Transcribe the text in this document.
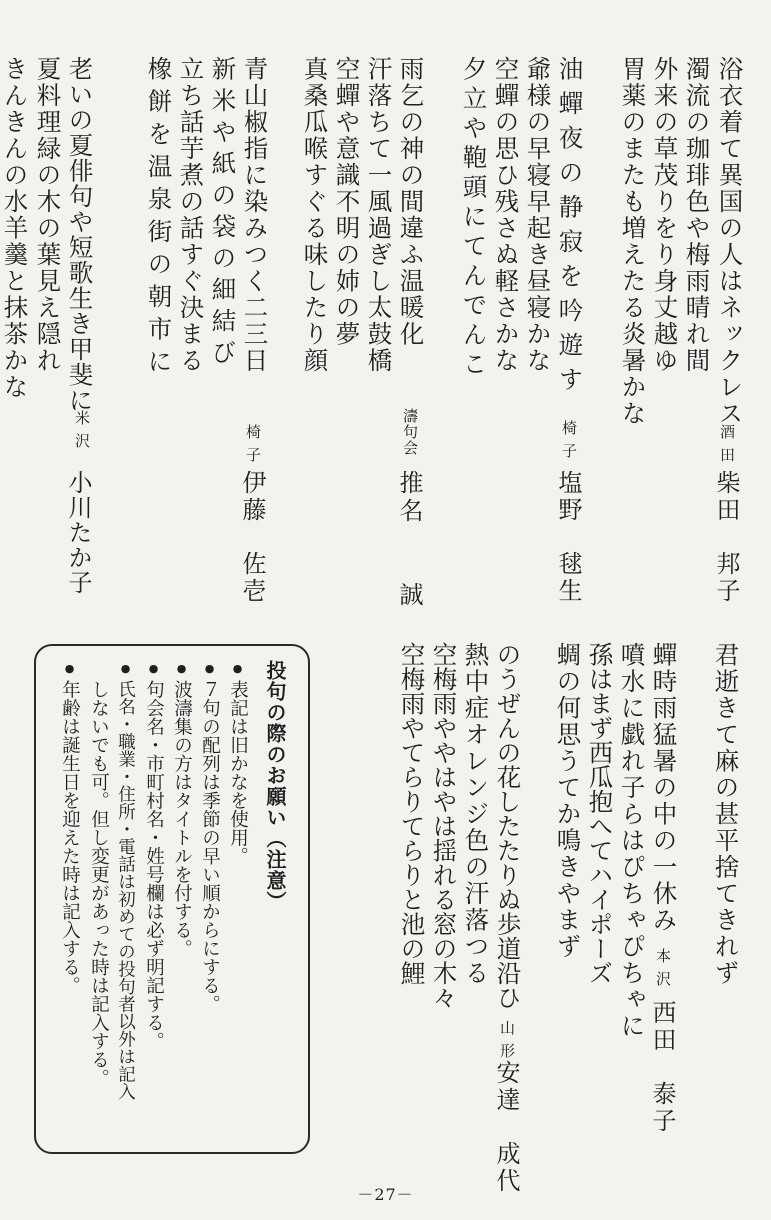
浴衣着て異国の人はネックレス
濁流の珈琲色や梅雨晴れ間
外来の草茂りをり身丈越ゆ
胃薬のまたも増えたる炎暑かな
酒田
柴田　邦子
油蟬夜の静寂を吟遊す
爺様の早寝早起き昼寝かな
空蟬の思ひ残さぬ軽さかな
夕立や鞄頭にてんでんこ
椅子
塩野　毬生
雨乞の神の間違ふ温暖化
汗落ちて一風過ぎし太鼓橋
空蟬や意識不明の姉の夢
真桑瓜喉すぐる味したり顔
濤句会
推名　　誠
青山椒指に染みつく二三日
新米や紙の袋の細結び
立ち話芋煮の話すぐ決まる
橡餅を温泉街の朝市に
椅子
伊藤　佐壱
老いの夏俳句や短歌生き甲斐に
夏料理緑の木の葉見え隠れ
きんきんの水羊羹と抹茶かな
米沢
小川たか子
君逝きて麻の甚平捨てきれず
蟬時雨猛暑の中の一休み
噴水に戯れ子らはぴちゃぴちゃに
孫はまず西瓜抱へてハイポーズ
蜩の何思うてか鳴きやまず
本沢
西田　泰子
のうぜんの花したたりぬ歩道沿ひ
熱中症オレンジ色の汗落つる
空梅雨ややはやは揺れる窓の木々
空梅雨やてらりてらりと池の鯉
山形
安達　成代
投句の際のお願い（注意）
●
表記は旧かなを使用。
●
７句の配列は季節の早い順からにする。
●
波濤集の方はタイトルを付する。
●
句会名・市町村名・姓号欄は必ず明記する。
●
氏名・職業・住所・電話は初めての投句者以外は記入
しないでも可。但し変更があった時は記入する。
●
年齢は誕生日を迎えた時は記入する。
－27－
